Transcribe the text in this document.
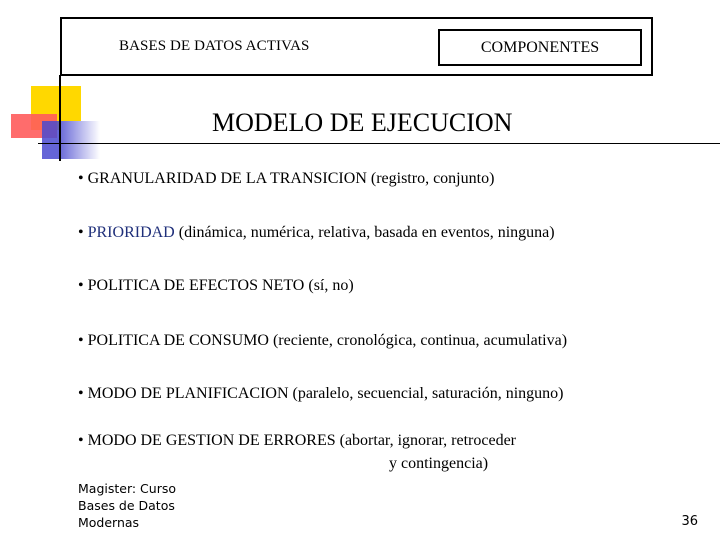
BASES DE DATOS ACTIVAS	COMPONENTES
MODELO DE EJECUCION
• GRANULARIDAD DE LA TRANSICION (registro, conjunto)
• PRIORIDAD (dinámica, numérica, relativa, basada en eventos, ninguna)
• POLITICA DE EFECTOS NETO (sí, no)
• POLITICA DE CONSUMO (reciente, cronológica, continua, acumulativa)
• MODO DE PLANIFICACION (paralelo, secuencial, saturación, ninguno)
• MODO DE GESTION DE ERRORES (abortar, ignorar, retroceder
y contingencia)
Magister: Curso
Bases de Datos
Modernas	36
